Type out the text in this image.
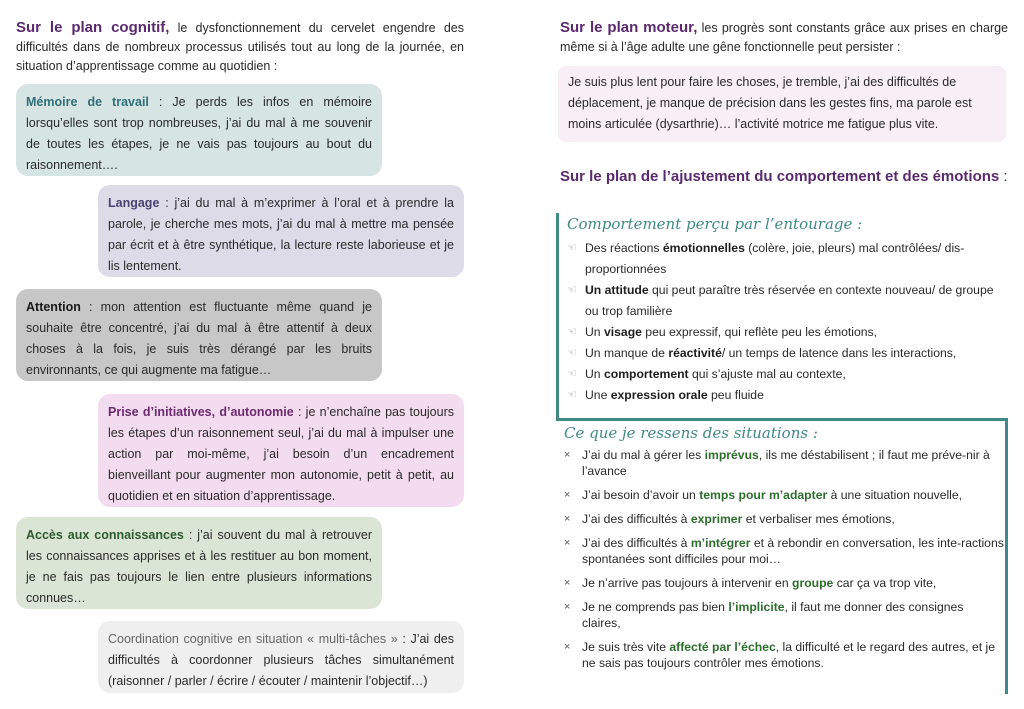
Sur le plan cognitif, le dysfonctionnement du cervelet engendre des difficultés dans de nombreux processus utilisés tout au long de la journée, en situation d’apprentissage comme au quotidien :

Mémoire de travail : Je perds les infos en mémoire lorsqu’elles sont trop nombreuses, j’ai du mal à me souvenir de toutes les étapes, je ne vais pas toujours au bout du raisonnement….
Langage : j’ai du mal à m’exprimer à l’oral et à prendre la parole, je cherche mes mots, j’ai du mal à mettre ma pensée par écrit et à être synthétique, la lecture reste laborieuse et je lis lentement.
Attention : mon attention est fluctuante même quand je souhaite être concentré, j’ai du mal à être attentif à deux choses à la fois, je suis très dérangé par les bruits environnants, ce qui augmente ma fatigue…
Prise d’initiatives, d’autonomie : je n’enchaîne pas toujours les étapes d’un raisonnement seul, j’ai du mal à impulser une action par moi-même, j’ai besoin d’un encadrement bienveillant pour augmenter mon autonomie, petit à petit, au quotidien et en situation d’apprentissage.
Accès aux connaissances : j’ai souvent du mal à retrouver les connaissances apprises et à les restituer au bon moment, je ne fais pas toujours le lien entre plusieurs informations connues…
Coordination cognitive en situation « multi-tâches » : J’ai des difficultés à coordonner plusieurs tâches simultanément (raisonner / parler / écrire / écouter / maintenir l’objectif…)

Sur le plan moteur, les progrès sont constants grâce aux prises en charge même si à l’âge adulte une gêne fonctionnelle peut persister :

Je suis plus lent pour faire les choses, je tremble, j’ai des difficultés de déplacement, je manque de précision dans les gestes fins, ma parole est moins articulée (dysarthrie)… l’activité motrice me fatigue plus vite.

Sur le plan de l’ajustement du comportement et des émotions :

Comportement perçu par l’entourage :
☜ Des réactions émotionnelles (colère, joie, pleurs) mal contrôlées/ dis-proportionnées
☜ Un attitude qui peut paraître très réservée en contexte nouveau/ de groupe ou trop familière
☜ Un visage peu expressif, qui reflète peu les émotions,
☜ Un manque de réactivité/ un temps de latence dans les interactions,
☜ Un comportement qui s’ajuste mal au contexte,
☜ Une expression orale peu fluide
Ce que je ressens des situations :
× J’ai du mal à gérer les imprévus, ils me déstabilisent ; il faut me préve-nir à l’avance
× J’ai besoin d’avoir un temps pour m’adapter à une situation nouvelle,
× J’ai des difficultés à exprimer et verbaliser mes émotions,
× J’ai des difficultés à m’intégrer et à rebondir en conversation, les inte-ractions spontanées sont difficiles pour moi…
× Je n’arrive pas toujours à intervenir en groupe car ça va trop vite,
× Je ne comprends pas bien l’implicite, il faut me donner des consignes claires,
× Je suis très vite affecté par l’échec, la difficulté et le regard des autres, et je ne sais pas toujours contrôler mes émotions.
